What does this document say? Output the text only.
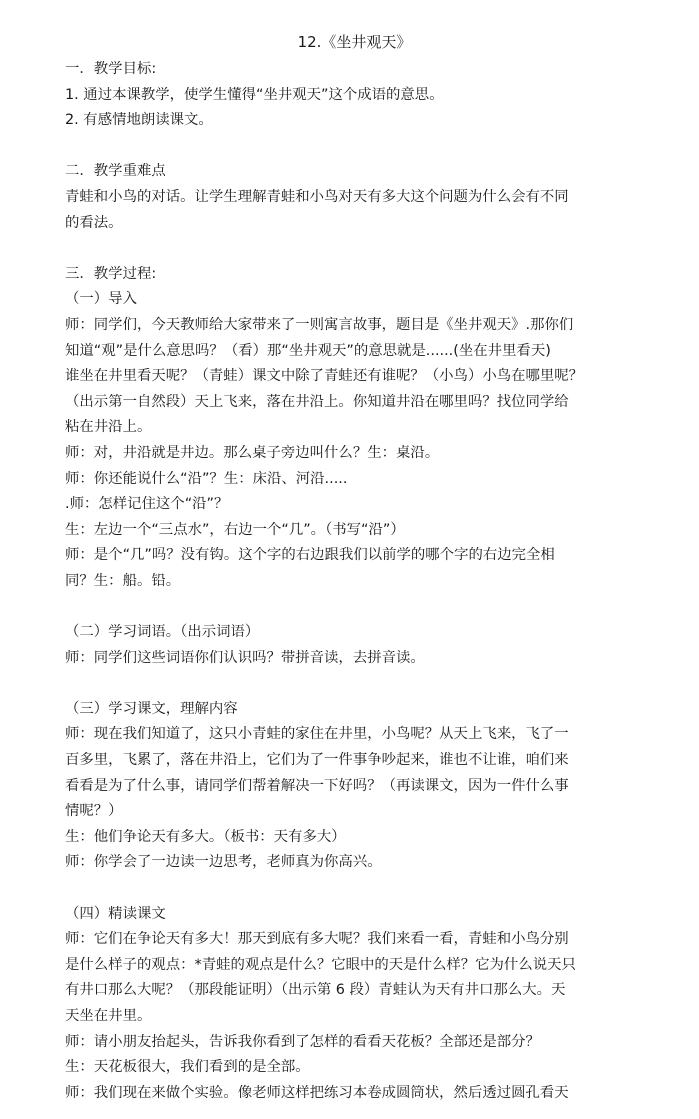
12.《坐井观天》
一．教学目标:
1. 通过本课教学，使学生懂得“坐井观天”这个成语的意思。
2. 有感情地朗读课文。
二．教学重难点
青蛙和小鸟的对话。让学生理解青蛙和小鸟对天有多大这个问题为什么会有不同
的看法。
三．教学过程:
（一）导入
师：同学们，今天教师给大家带来了一则寓言故事，题目是《坐井观天》.那你们
知道“观”是什么意思吗？（看）那“坐井观天”的意思就是......(坐在井里看天)
谁坐在井里看天呢？（青蛙）课文中除了青蛙还有谁呢？（小鸟）小鸟在哪里呢？
（出示第一自然段）天上飞来，落在井沿上。你知道井沿在哪里吗？找位同学给
粘在井沿上。
师：对，井沿就是井边。那么桌子旁边叫什么？生：桌沿。
师：你还能说什么“沿”？生：床沿、河沿.....
.师：怎样记住这个“沿”？
生：左边一个“三点水”，右边一个“几”。（书写“沿”）
师：是个“几”吗？没有钩。这个字的右边跟我们以前学的哪个字的右边完全相
同？生：船。铅。
（二）学习词语。（出示词语）
师：同学们这些词语你们认识吗？带拼音读，去拼音读。
（三）学习课文，理解内容
师：现在我们知道了，这只小青蛙的家住在井里，小鸟呢？从天上飞来，飞了一
百多里，飞累了，落在井沿上，它们为了一件事争吵起来，谁也不让谁，咱们来
看看是为了什么事，请同学们帮着解决一下好吗？（再读课文，因为一件什么事
情呢？）
生：他们争论天有多大。（板书：天有多大）
师：你学会了一边读一边思考，老师真为你高兴。
（四）精读课文
师：它们在争论天有多大！那天到底有多大呢？我们来看一看，青蛙和小鸟分别
是什么样子的观点：*青蛙的观点是什么？它眼中的天是什么样？它为什么说天只
有井口那么大呢？（那段能证明）（出示第 6 段）青蛙认为天有井口那么大。天
天坐在井里。
师：请小朋友抬起头，告诉我你看到了怎样的看看天花板？全部还是部分？
生：天花板很大，我们看到的是全部。
师：我们现在来做个实验。像老师这样把练习本卷成圆筒状，然后透过圆孔看天
